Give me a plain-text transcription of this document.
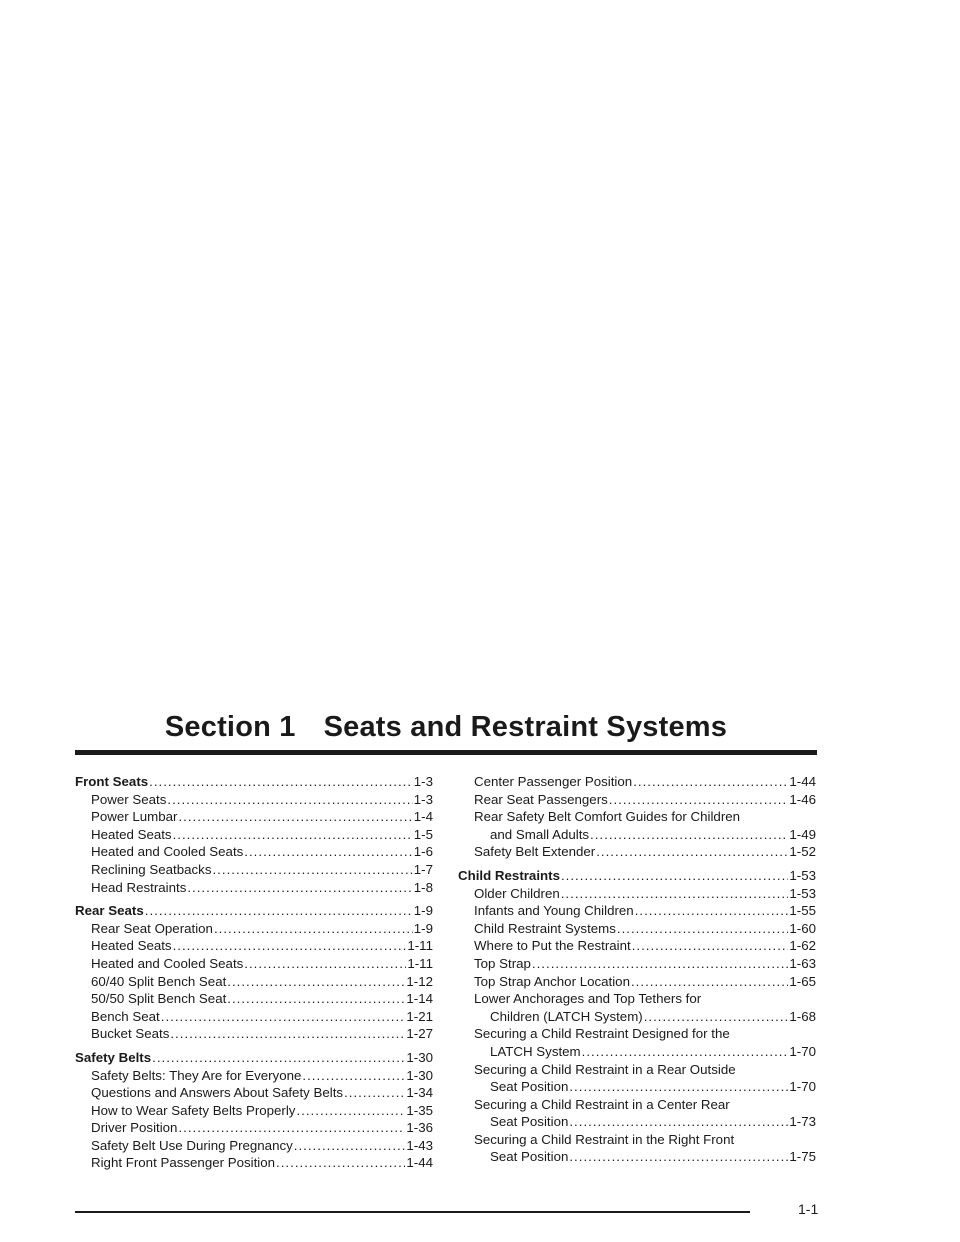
Section 1 Seats and Restraint Systems
Front Seats .....	1-3
Power Seats .....	1-3
Power Lumbar .....	1-4
Heated Seats .....	1-5
Heated and Cooled Seats .....	1-6
Reclining Seatbacks .....	1-7
Head Restraints .....	1-8
Rear Seats .....	1-9
Rear Seat Operation .....	1-9
Heated Seats .....	1-11
Heated and Cooled Seats .....	1-11
60/40 Split Bench Seat .....	1-12
50/50 Split Bench Seat .....	1-14
Bench Seat .....	1-21
Bucket Seats .....	1-27
Safety Belts .....	1-30
Safety Belts: They Are for Everyone .....	1-30
Questions and Answers About Safety Belts .....	1-34
How to Wear Safety Belts Properly .....	1-35
Driver Position .....	1-36
Safety Belt Use During Pregnancy .....	1-43
Right Front Passenger Position .....	1-44
Center Passenger Position .....	1-44
Rear Seat Passengers .....	1-46
Rear Safety Belt Comfort Guides for Children
and Small Adults .....	1-49
Safety Belt Extender .....	1-52
Child Restraints .....	1-53
Older Children .....	1-53
Infants and Young Children .....	1-55
Child Restraint Systems .....	1-60
Where to Put the Restraint .....	1-62
Top Strap .....	1-63
Top Strap Anchor Location .....	1-65
Lower Anchorages and Top Tethers for
Children (LATCH System) .....	1-68
Securing a Child Restraint Designed for the
LATCH System .....	1-70
Securing a Child Restraint in a Rear Outside
Seat Position .....	1-70
Securing a Child Restraint in a Center Rear
Seat Position .....	1-73
Securing a Child Restraint in the Right Front
Seat Position .....	1-75
1-1
